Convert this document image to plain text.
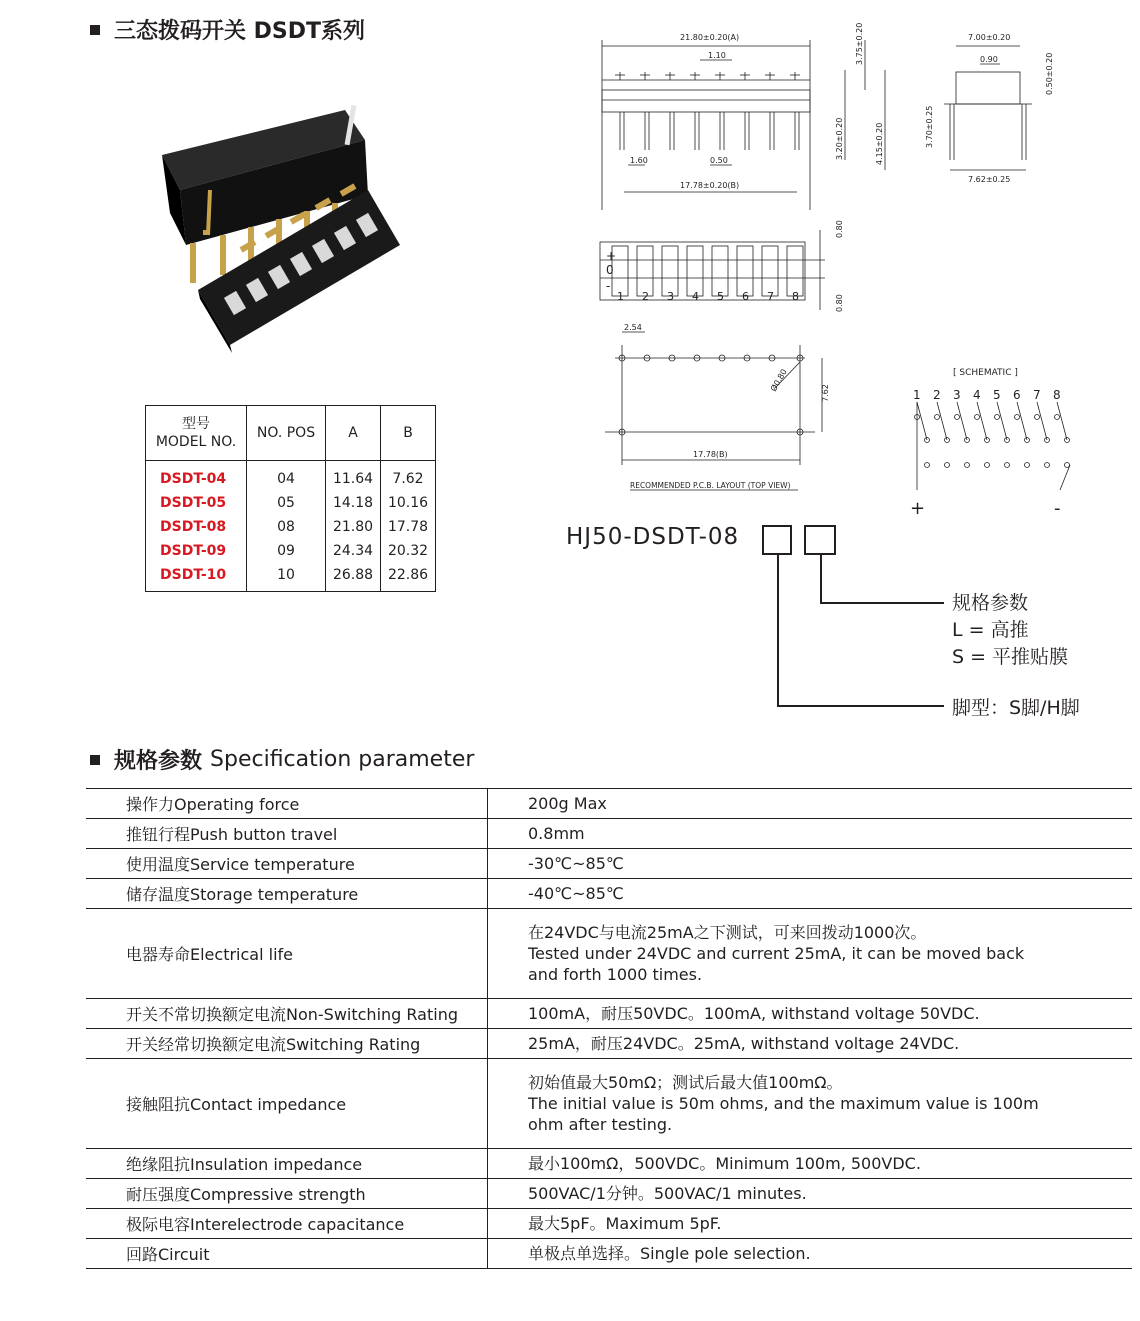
三态拨码开关 DSDT系列
型号
MODEL NO.	NO. POS	A	B
DSDT-04	04	11.64	7.62
DSDT-05	05	14.18	10.16
DSDT-08	08	21.80	17.78
DSDT-09	09	24.34	20.32
DSDT-10	10	26.88	22.86
21.80±0.20(A)
1.10
1.60	0.50
17.78±0.20(B)
3.75±0.20
3.20±0.20	4.15±0.20
7.00±0.20
0.90	0.50±0.20
3.70±0.25
7.62±0.25
0.80
0.80
+
0
-
1 2 3 4 5 6 7 8
2.54
Ø0.80
7.62
17.78(B)
RECOMMENDED P.C.B. LAYOUT (TOP VIEW)
[ SCHEMATIC ]
1 2 3 4 5 6 7 8
+	-
HJ50-DSDT-08
规格参数
L = 高推
S = 平推贴膜
脚型：S脚/H脚
规格参数 Specification parameter
操作力Operating force	200g Max
推钮行程Push button travel	0.8mm
使用温度Service temperature	-30℃~85℃
储存温度Storage temperature	-40℃~85℃
电器寿命Electrical life
在24VDC与电流25mA之下测试，可来回拨动1000次。
Tested under 24VDC and current 25mA, it can be moved back
and forth 1000 times.
开关不常切换额定电流Non-Switching Rating	100mA，耐压50VDC。100mA, withstand voltage 50VDC.
开关经常切换额定电流Switching Rating	25mA，耐压24VDC。25mA, withstand voltage 24VDC.
接触阻抗Contact impedance
初始值最大50mΩ；测试后最大值100mΩ。
The initial value is 50m ohms, and the maximum value is 100m
ohm after testing.
绝缘阻抗Insulation impedance	最小100mΩ，500VDC。Minimum 100m, 500VDC.
耐压强度Compressive strength	500VAC/1分钟。500VAC/1 minutes.
极际电容Interelectrode capacitance	最大5pF。Maximum 5pF.
回路Circuit	单极点单选择。Single pole selection.
